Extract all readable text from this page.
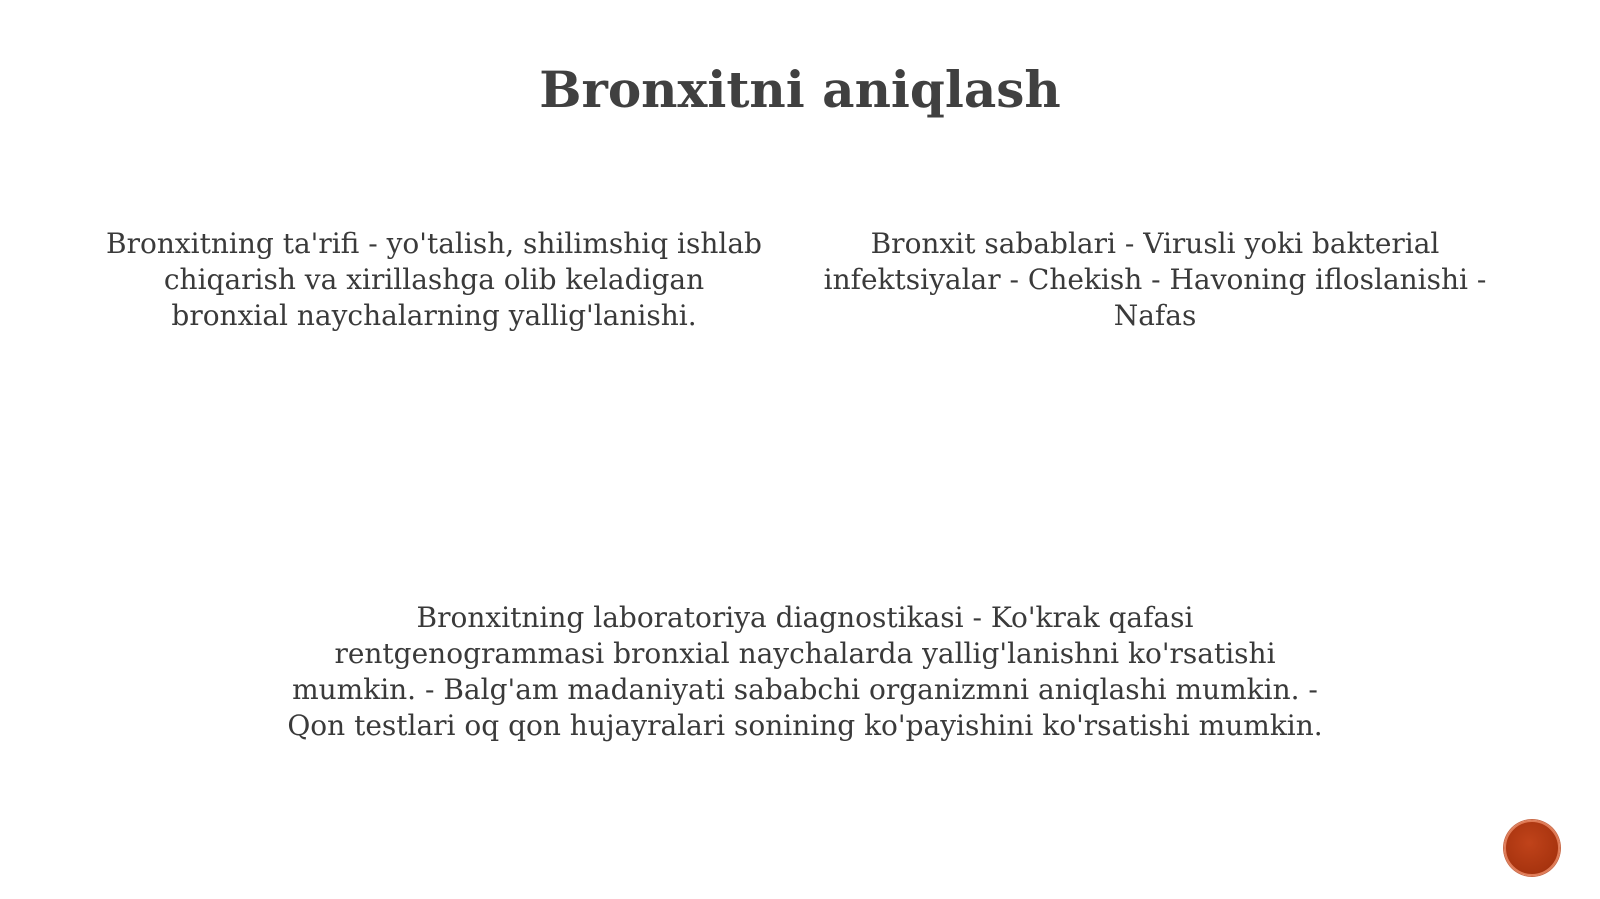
Bronxitni aniqlash

Bronxitning ta'rifi - yo'talish, shilimshiq ishlab chiqarish va xirillashga olib keladigan bronxial naychalarning yallig'lanishi.

Bronxit sabablari - Virusli yoki bakterial infektsiyalar - Chekish - Havoning ifloslanishi - Nafas

Bronxitning laboratoriya diagnostikasi - Ko'krak qafasi rentgenogrammasi bronxial naychalarda yallig'lanishni ko'rsatishi mumkin. - Balg'am madaniyati sababchi organizmni aniqlashi mumkin. - Qon testlari oq qon hujayralari sonining ko'payishini ko'rsatishi mumkin.
